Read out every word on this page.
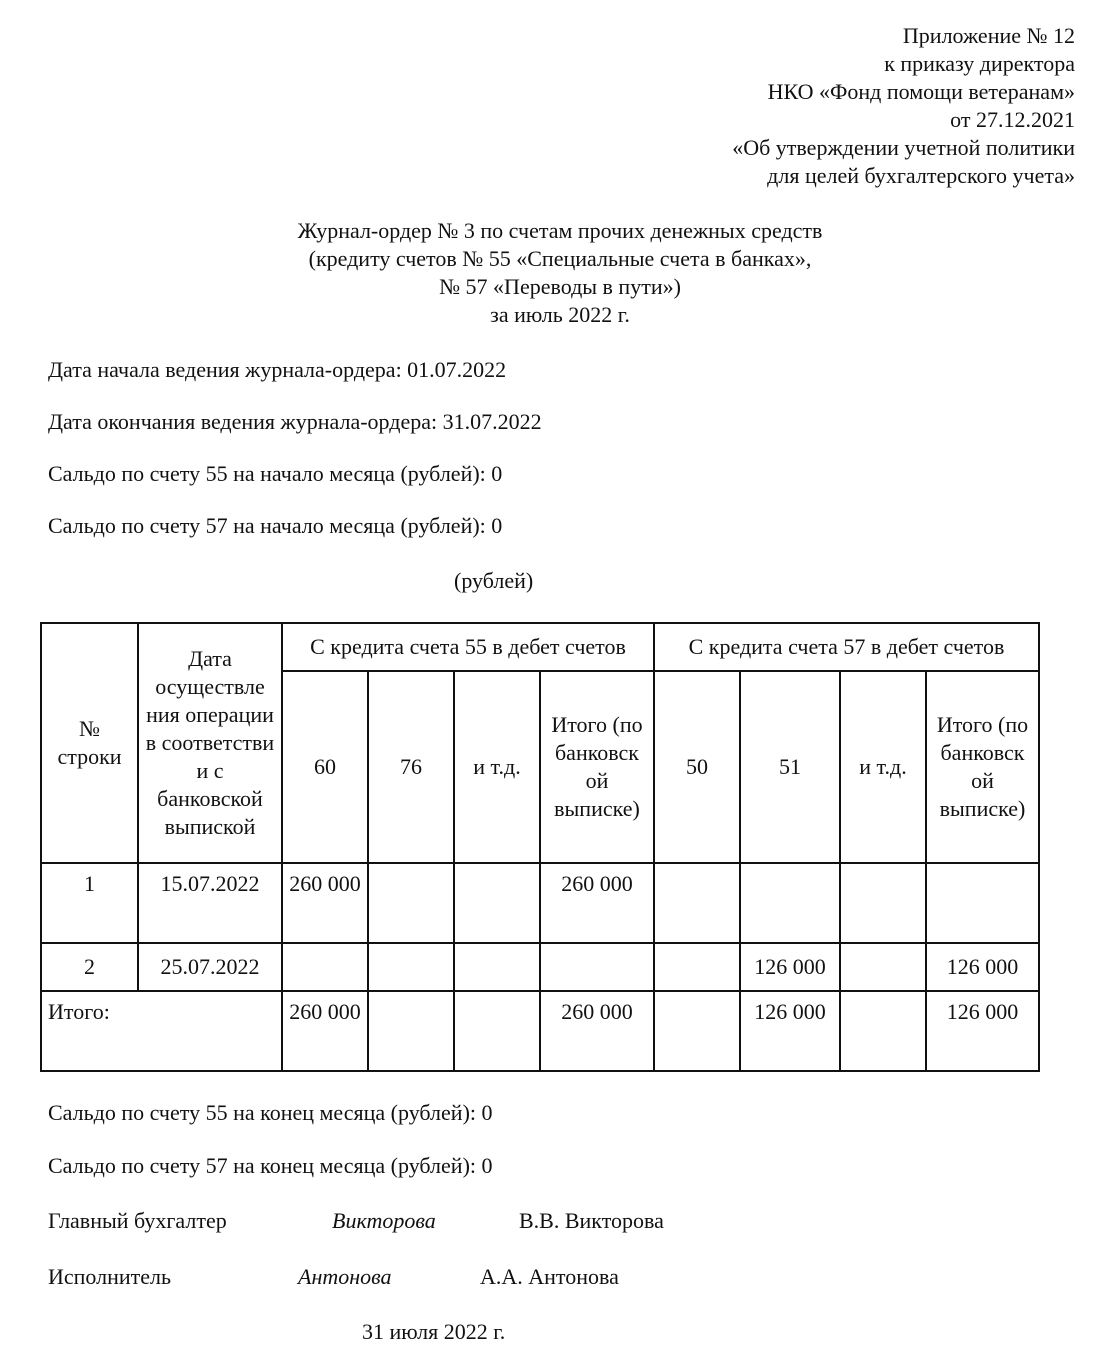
Приложение № 12
к приказу директора
НКО «Фонд помощи ветеранам»
от 27.12.2021
«Об утверждении учетной политики
для целей бухгалтерского учета»
Журнал-ордер № 3 по счетам прочих денежных средств
(кредиту счетов № 55 «Специальные счета в банках»,
№ 57 «Переводы в пути»)
за июль 2022 г.
Дата начала ведения журнала-ордера: 01.07.2022
Дата окончания ведения журнала-ордера: 31.07.2022
Сальдо по счету 55 на начало месяца (рублей): 0
Сальдо по счету 57 на начало месяца (рублей): 0
(рублей)
№ строки	Дата осуществле ния операции в соответстви и с банковской выпиской	С кредита счета 55 в дебет счетов				С кредита счета 57 в дебет счетов			
		60	76	и т.д.	Итого (по банковск ой выписке)	50	51	и т.д.	Итого (по банковск ой выписке)
1	15.07.2022	260 000			260 000				
2	25.07.2022						126 000		126 000
Итого:		260 000			260 000		126 000		126 000
Сальдо по счету 55 на конец месяца (рублей): 0
Сальдо по счету 57 на конец месяца (рублей): 0
Главный бухгалтер	Викторова	В.В. Викторова
Исполнитель	Антонова	А.А. Антонова
31 июля 2022 г.
